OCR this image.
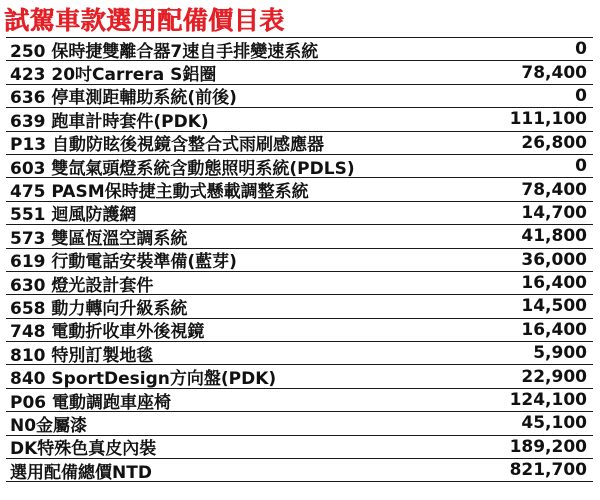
試駕車款選用配備價目表
250 保時捷雙離合器7速自手排變速系統	0
423 20吋Carrera S鋁圈	78,400
636 停車測距輔助系統(前後)	0
639 跑車計時套件(PDK)	111,100
P13 自動防眩後視鏡含整合式雨刷感應器	26,800
603 雙氙氣頭燈系統含動態照明系統(PDLS)	0
475 PASM保時捷主動式懸載調整系統	78,400
551 迴風防護網	14,700
573 雙區恆溫空調系統	41,800
619 行動電話安裝準備(藍芽)	36,000
630 燈光設計套件	16,400
658 動力轉向升級系統	14,500
748 電動折收車外後視鏡	16,400
810 特別訂製地毯	5,900
840 SportDesign方向盤(PDK)	22,900
P06 電動調跑車座椅	124,100
N0金屬漆	45,100
DK特殊色真皮內裝	189,200
選用配備總價NTD	821,700
